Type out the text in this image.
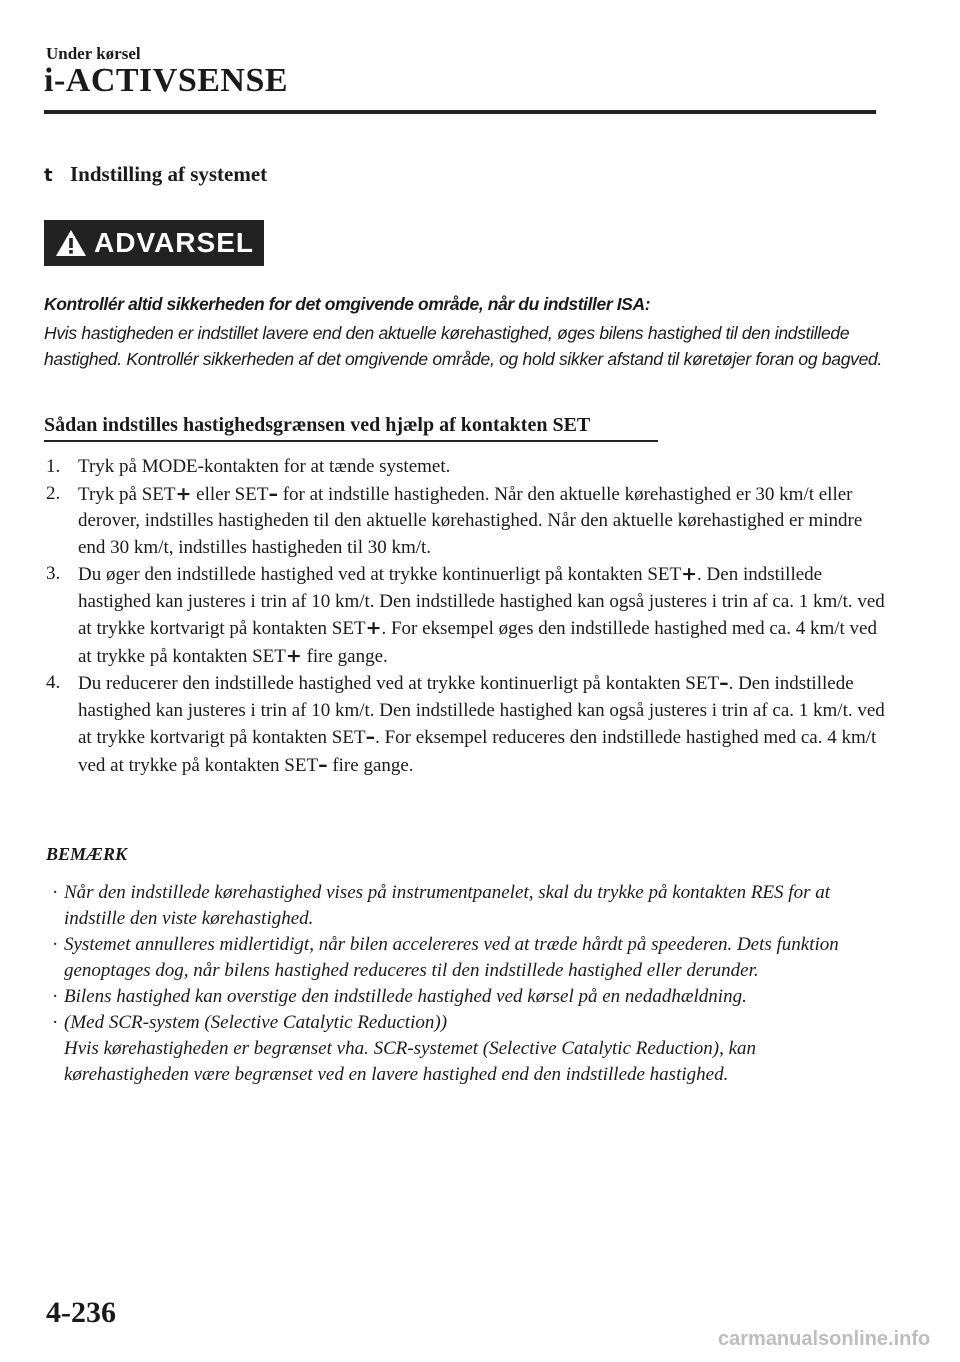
Under kørsel
i-ACTIVSENSE
t Indstilling af systemet
ADVARSEL
Kontrollér altid sikkerheden for det omgivende område, når du indstiller ISA:
Hvis hastigheden er indstillet lavere end den aktuelle kørehastighed, øges bilens hastighed til den indstillede hastighed. Kontrollér sikkerheden af det omgivende område, og hold sikker afstand til køretøjer foran og bagved.
Sådan indstilles hastighedsgrænsen ved hjælp af kontakten SET

1. Tryk på MODE-kontakten for at tænde systemet.

2. Tryk på SET+ eller SET– for at indstille hastigheden. Når den aktuelle kørehastighed er 30 km/t eller derover, indstilles hastigheden til den aktuelle kørehastighed. Når den aktuelle kørehastighed er mindre end 30 km/t, indstilles hastigheden til 30 km/t.

3. Du øger den indstillede hastighed ved at trykke kontinuerligt på kontakten SET+. Den indstillede hastighed kan justeres i trin af 10 km/t. Den indstillede hastighed kan også justeres i trin af ca. 1 km/t. ved at trykke kortvarigt på kontakten SET+. For eksempel øges den indstillede hastighed med ca. 4 km/t ved at trykke på kontakten SET+ fire gange.

4. Du reducerer den indstillede hastighed ved at trykke kontinuerligt på kontakten SET–. Den indstillede hastighed kan justeres i trin af 10 km/t. Den indstillede hastighed kan også justeres i trin af ca. 1 km/t. ved at trykke kortvarigt på kontakten SET–. For eksempel reduceres den indstillede hastighed med ca. 4 km/t ved at trykke på kontakten SET– fire gange.

BEMÆRK

· Når den indstillede kørehastighed vises på instrumentpanelet, skal du trykke på kontakten RES for at indstille den viste kørehastighed.

· Systemet annulleres midlertidigt, når bilen accelereres ved at træde hårdt på speederen. Dets funktion genoptages dog, når bilens hastighed reduceres til den indstillede hastighed eller derunder.

· Bilens hastighed kan overstige den indstillede hastighed ved kørsel på en nedadhældning.

· (Med SCR-system (Selective Catalytic Reduction))
Hvis kørehastigheden er begrænset vha. SCR-systemet (Selective Catalytic Reduction), kan kørehastigheden være begrænset ved en lavere hastighed end den indstillede hastighed.

4-236
carmanualsonline.info
